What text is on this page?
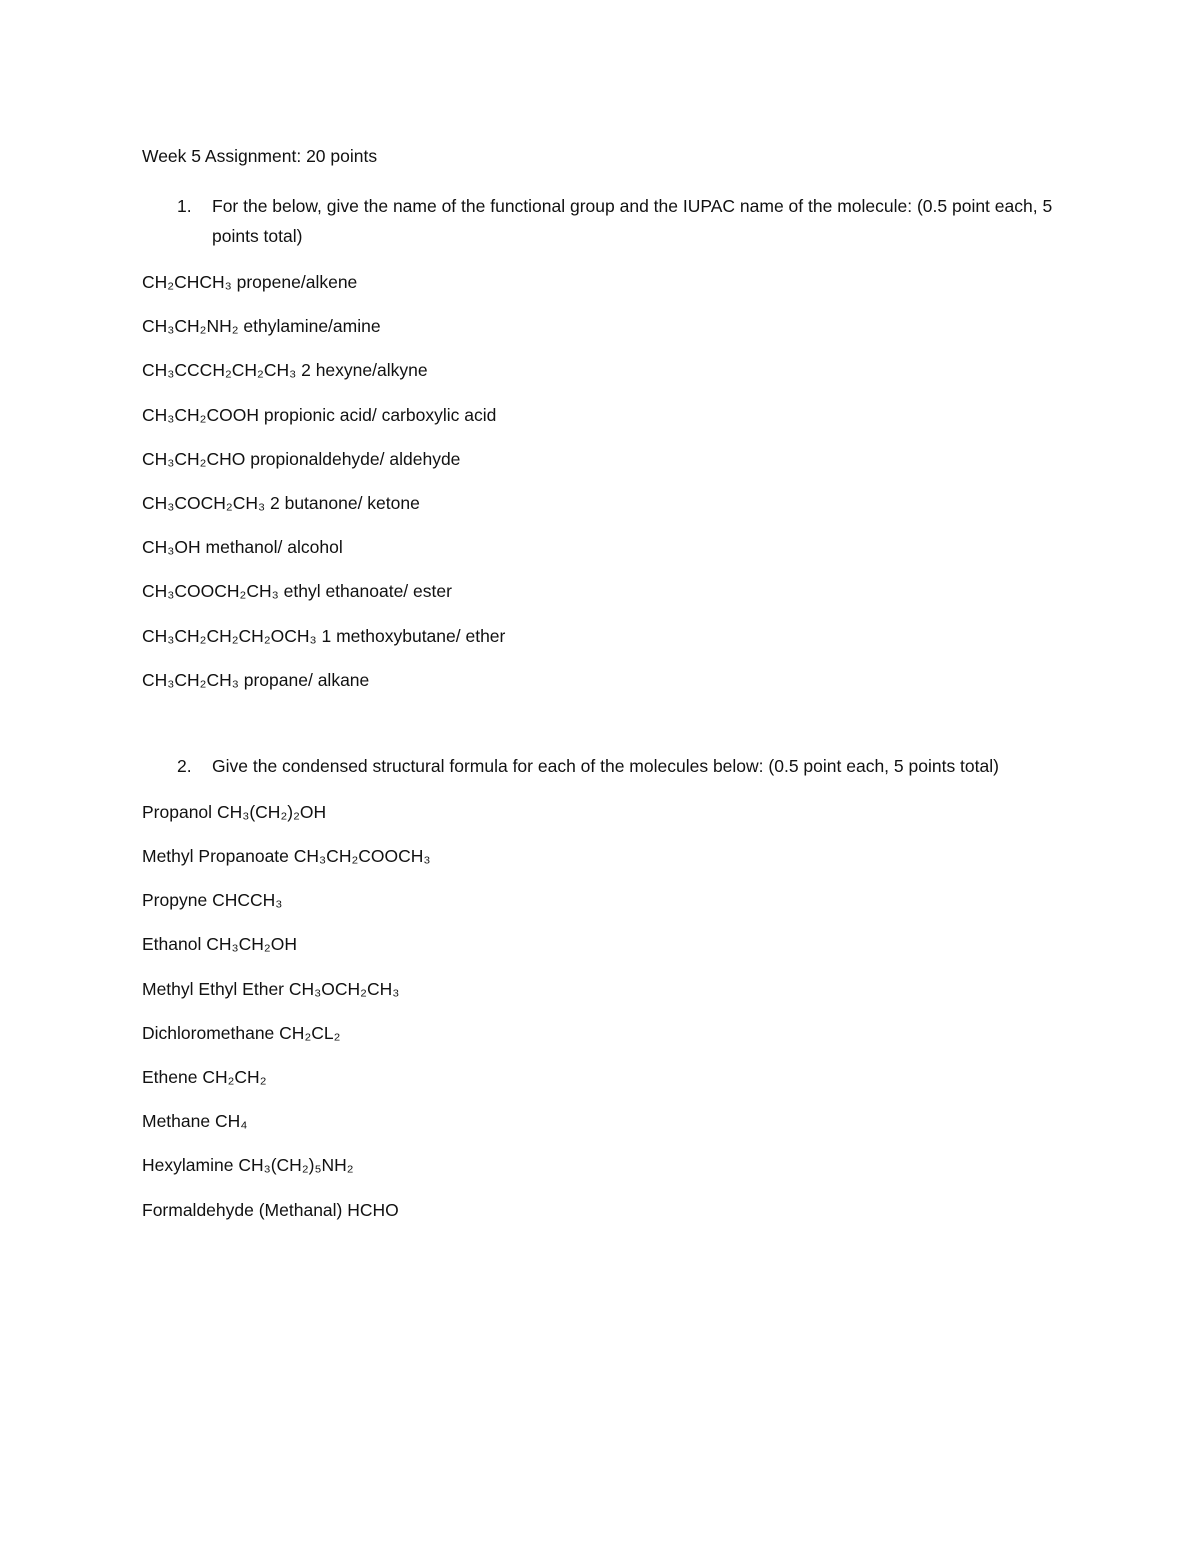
Week 5 Assignment: 20 points
1.	For the below, give the name of the functional group and the IUPAC name of the molecule: (0.5 point each, 5 points total)
CH₂CHCH₃ propene/alkene
CH₃CH₂NH₂ ethylamine/amine
CH₃CCCH₂CH₂CH₃ 2 hexyne/alkyne
CH₃CH₂COOH propionic acid/ carboxylic acid
CH₃CH₂CHO propionaldehyde/ aldehyde
CH₃COCH₂CH₃ 2 butanone/ ketone
CH₃OH methanol/ alcohol
CH₃COOCH₂CH₃ ethyl ethanoate/ ester
CH₃CH₂CH₂CH₂OCH₃ 1 methoxybutane/ ether
CH₃CH₂CH₃ propane/ alkane
2.	Give the condensed structural formula for each of the molecules below: (0.5 point each, 5 points total)
Propanol CH₃(CH₂)₂OH
Methyl Propanoate CH₃CH₂COOCH₃
Propyne CHCCH₃
Ethanol CH₃CH₂OH
Methyl Ethyl Ether CH₃OCH₂CH₃
Dichloromethane CH₂CL₂
Ethene CH₂CH₂
Methane CH₄
Hexylamine CH₃(CH₂)₅NH₂
Formaldehyde (Methanal) HCHO
